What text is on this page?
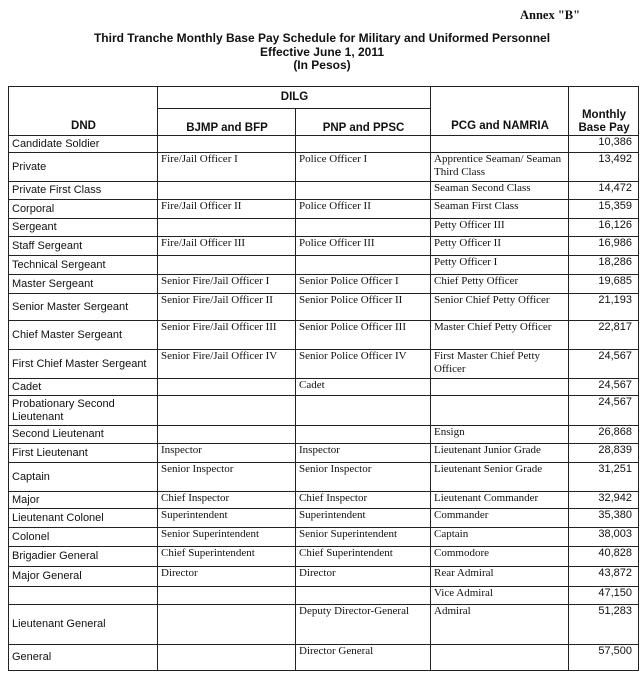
Annex "B"
Third Tranche Monthly Base Pay Schedule for Military and Uniformed Personnel
Effective June 1, 2011
(In Pesos)
DND	DILG		PCG and NAMRIA	Monthly Base Pay
	BJMP and BFP	PNP and PPSC		
Candidate Soldier				10,386
Private	Fire/Jail Officer I	Police Officer I	Apprentice Seaman/ Seaman Third Class	13,492
Private First Class			Seaman Second Class	14,472
Corporal	Fire/Jail Officer II	Police Officer II	Seaman First Class	15,359
Sergeant			Petty Officer III	16,126
Staff Sergeant	Fire/Jail Officer III	Police Officer III	Petty Officer II	16,986
Technical Sergeant			Petty Officer I	18,286
Master Sergeant	Senior Fire/Jail Officer I	Senior Police Officer I	Chief Petty Officer	19,685
Senior Master Sergeant	Senior Fire/Jail Officer II	Senior Police Officer II	Senior Chief Petty Officer	21,193
Chief Master Sergeant	Senior Fire/Jail Officer III	Senior Police Officer III	Master Chief Petty Officer	22,817
First Chief Master Sergeant	Senior Fire/Jail Officer IV	Senior Police Officer IV	First Master Chief Petty Officer	24,567
Cadet		Cadet		24,567
Probationary Second Lieutenant				24,567
Second Lieutenant			Ensign	26,868
First Lieutenant	Inspector	Inspector	Lieutenant Junior Grade	28,839
Captain	Senior Inspector	Senior Inspector	Lieutenant Senior Grade	31,251
Major	Chief Inspector	Chief Inspector	Lieutenant Commander	32,942
Lieutenant Colonel	Superintendent	Superintendent	Commander	35,380
Colonel	Senior Superintendent	Senior Superintendent	Captain	38,003
Brigadier General	Chief Superintendent	Chief Superintendent	Commodore	40,828
Major General	Director	Director	Rear Admiral	43,872
			Vice Admiral	47,150
Lieutenant General		Deputy Director-General	Admiral	51,283
General		Director General		57,500
